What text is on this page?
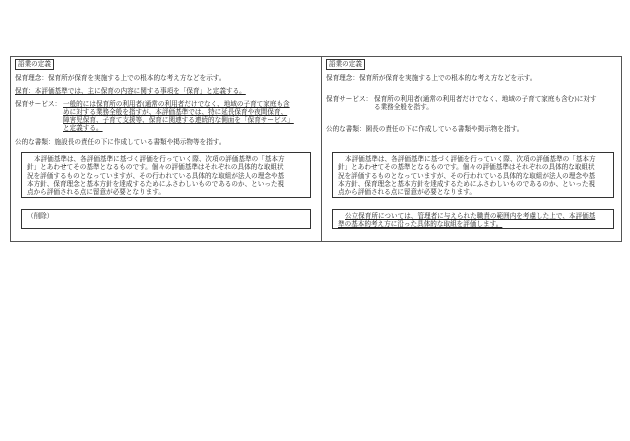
語業の定義
保育理念：保育所が保育を実施する上での根本的な考え方などを示す。
保育：本評価基準では、主に保育の内容に関する事項を「保育」と定義する。
保育サービス： 一般的には保育所の利用者(通常の利用者だけでなく、地域の子育て家庭も含
めに対する業務全般を指すが、本評価基準では、特に延長保育や夜間保育、
障害児保育、子育て支援等、保育に関連する連続的な側面を「保育サービス」
と定義する。
公的な書類：施設長の責任の下に作成している書類や掲示物等を指す。
本評価基準は、各評価基準に基づく評価を行っていく際、次項の評価基準の「基本方
針」とあわせてその基準となるものです。個々の評価基準はそれぞれの具体的な取組状
況を評価するものとなっていますが、その行われている具体的な取組が法人の理念や基
本方針、保育理念と基本方針を達成するためにふさわしいものであるのか、といった視
点から評価される点に留意が必要となります。
（削除）
語業の定義
保育理念：保育所が保育を実施する上での根本的な考え方などを示す。
保育サービス： 保育所の利用者(通常の利用者だけでなく、地域の子育て家庭も含む)に対す
る業務全般を指す。
公的な書類：園長の責任の下に作成している書類や掲示物を指す。
本評価基準は、各評価基準に基づく評価を行っていく際、次項の評価基準の「基本方
針」とあわせてその基準となるものです。個々の評価基準はそれぞれの具体的な取組状
況を評価するものとなっていますが、その行われている具体的な取組が法人の理念や基
本方針、保育理念と基本方針を達成するためにふさわしいものであるのか、といった視
点から評価される点に留意が必要となります。
公立保育所については、管理者に与えられた職責の範囲内を考慮した上で、本評価基
準の基本的考え方に沿った具体的な取組を評価します。
